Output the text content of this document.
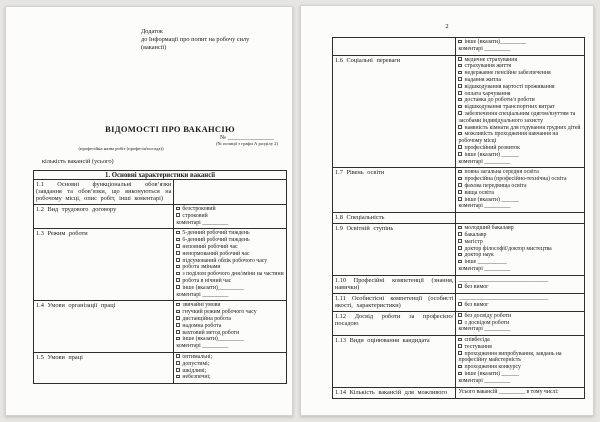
Додаток
до Інформації про попит на робочу силу
(вакансії)
ВІДОМОСТІ ПРО ВАКАНСІЮ
(професійна назва робіт (професія/посада))
№ ______________
(№ позиції з графи А розділу 2)
кількість вакансій (усього)
1. Основні характеристики вакансії	
1.1 Основні функціональні обов’язки (завдання та обов’язки, що виконуються на робочому місці, опис робіт, інші коментарі)	
1.2 Вид трудового договору	безстроковий
строковий
коментарі _________

1.3 Режим роботи	5-денний робочий тиждень
6-денний робочий тиждень
неповний робочий час
ненормований робочий час
підсумований облік робочого часу
робота змінами
з поділом робочого дня/зміни на частини
робота в нічний час
інше (вказати)_________
коментарі _________

1.4 Умови організації праці	звичайні умови
гнучкий режим робочого часу
дистанційна робота
надомна робота
вахтовий метод роботи
інше (вказати)_________
коментарі _________

1.5 Умови праці	оптимальні;
допустимі;
шкідливі;
небезпечні;
2

	інше (вказати)_________
коментарі _________

1.6 Соціальні переваги	медичне страхування
страхування життя
недержавне пенсійне забезпечення
надання житла
відшкодування вартості проживання
оплата харчування
доставка до роботи/з роботи
відшкодування транспортних витрат
забезпечення спеціальним одягом/взуттям та засобами індивідуального захисту
наявність кімнати для годування грудних дітей
можливість проходження навчання на робочому місці
професійний розвиток
інше (вказати) ______
коментарі _________

1.7 Рівень освіти	повна загальна середня освіта
професійна (професійно-технічна) освіта
фахова передвища освіта
вища освіта
інше (вказати) ______
коментарі _________

1.8 Спеціальність	
1.9 Освітній ступінь	молодший бакалавр
бакалавр
магістр
доктор філософії/доктор мистецтва
доктор наук
інше __________
коментарі _________

1.10 Професійні компетенції (знання, навички)	_______________________________
без вимог

1.11 Особистісні компетенції (особисті якості, характеристики)	_______________________________
без вимог

1.12 Досвід роботи за професією/посадою	без досвіду роботи
з досвідом роботи
коментарі _________

1.13 Види оцінювання кандидата	співбесіда
тестування
проходження випробування, завдань на професійну майстерність
проходження конкурсу
інше (вказати) ______
коментарі _________

1.14 Кількість вакансій для можливого	Усього вакансій _________ в тому числі:
